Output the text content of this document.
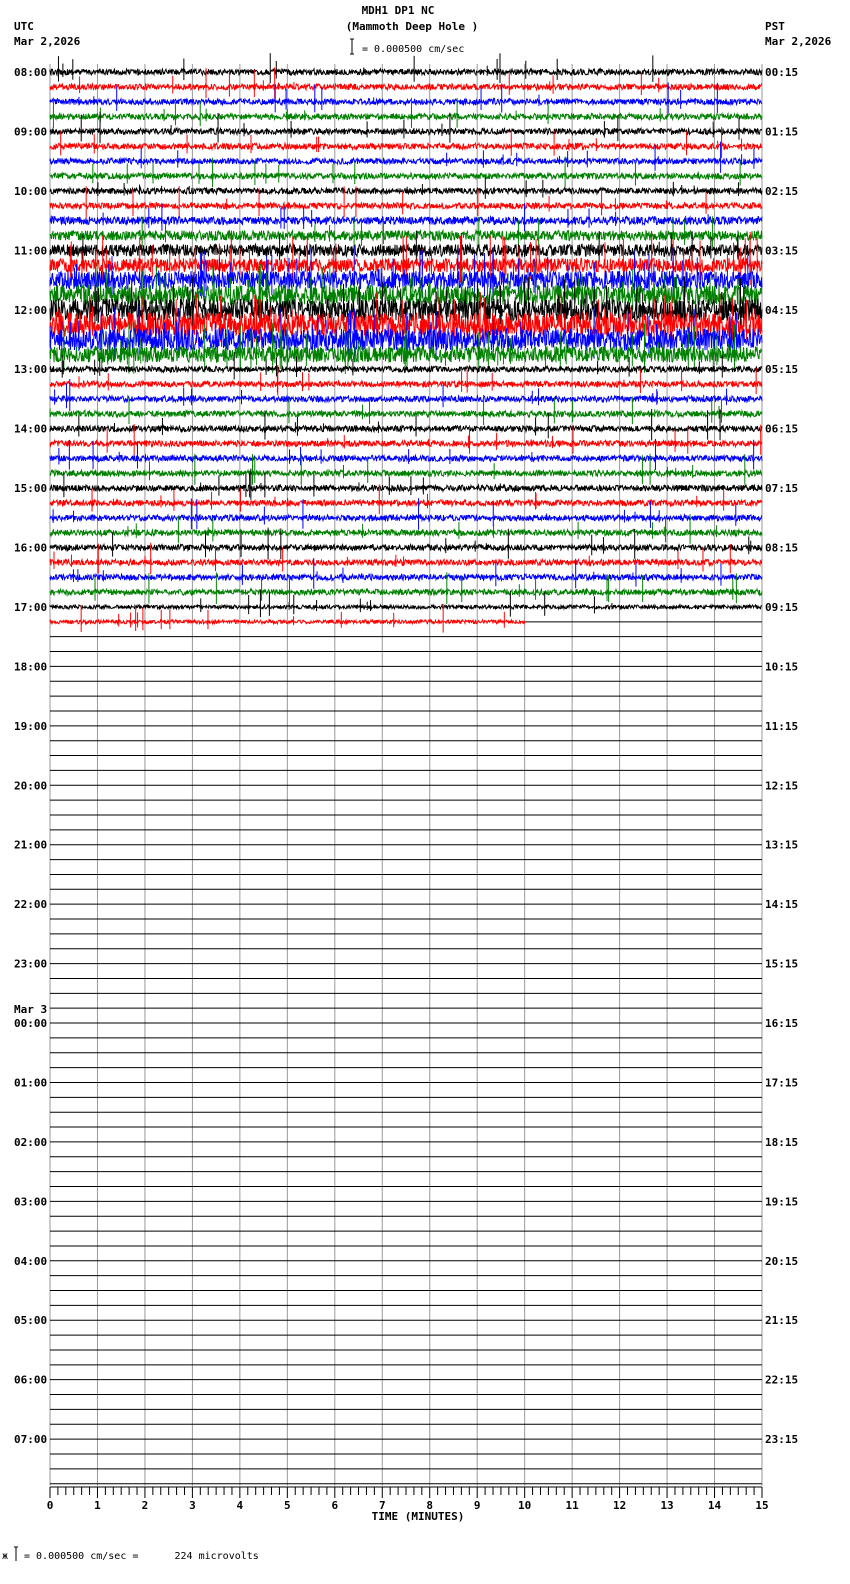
MDH1 DP1 NC
(Mammoth Deep Hole )
UTC
Mar 2,2026
PST
Mar 2,2026
= 0.000500 cm/sec
08:00	00:15
09:00	01:15
10:00	02:15
11:00	03:15
12:00	04:15
13:00	05:15
14:00	06:15
15:00	07:15
16:00	08:15
17:00	09:15
18:00	10:15
19:00	11:15
20:00	12:15
21:00	13:15
22:00	14:15
23:00	15:15
00:00	16:15
Mar 3
01:00	17:15
02:00	18:15
03:00	19:15
04:00	20:15
05:00	21:15
06:00	22:15
07:00	23:15
0	1	2	3	4	5	6	7	8	9	10	11	12	13	14	15
TIME (MINUTES)
ж = 0.000500 cm/sec =      224 microvolts
